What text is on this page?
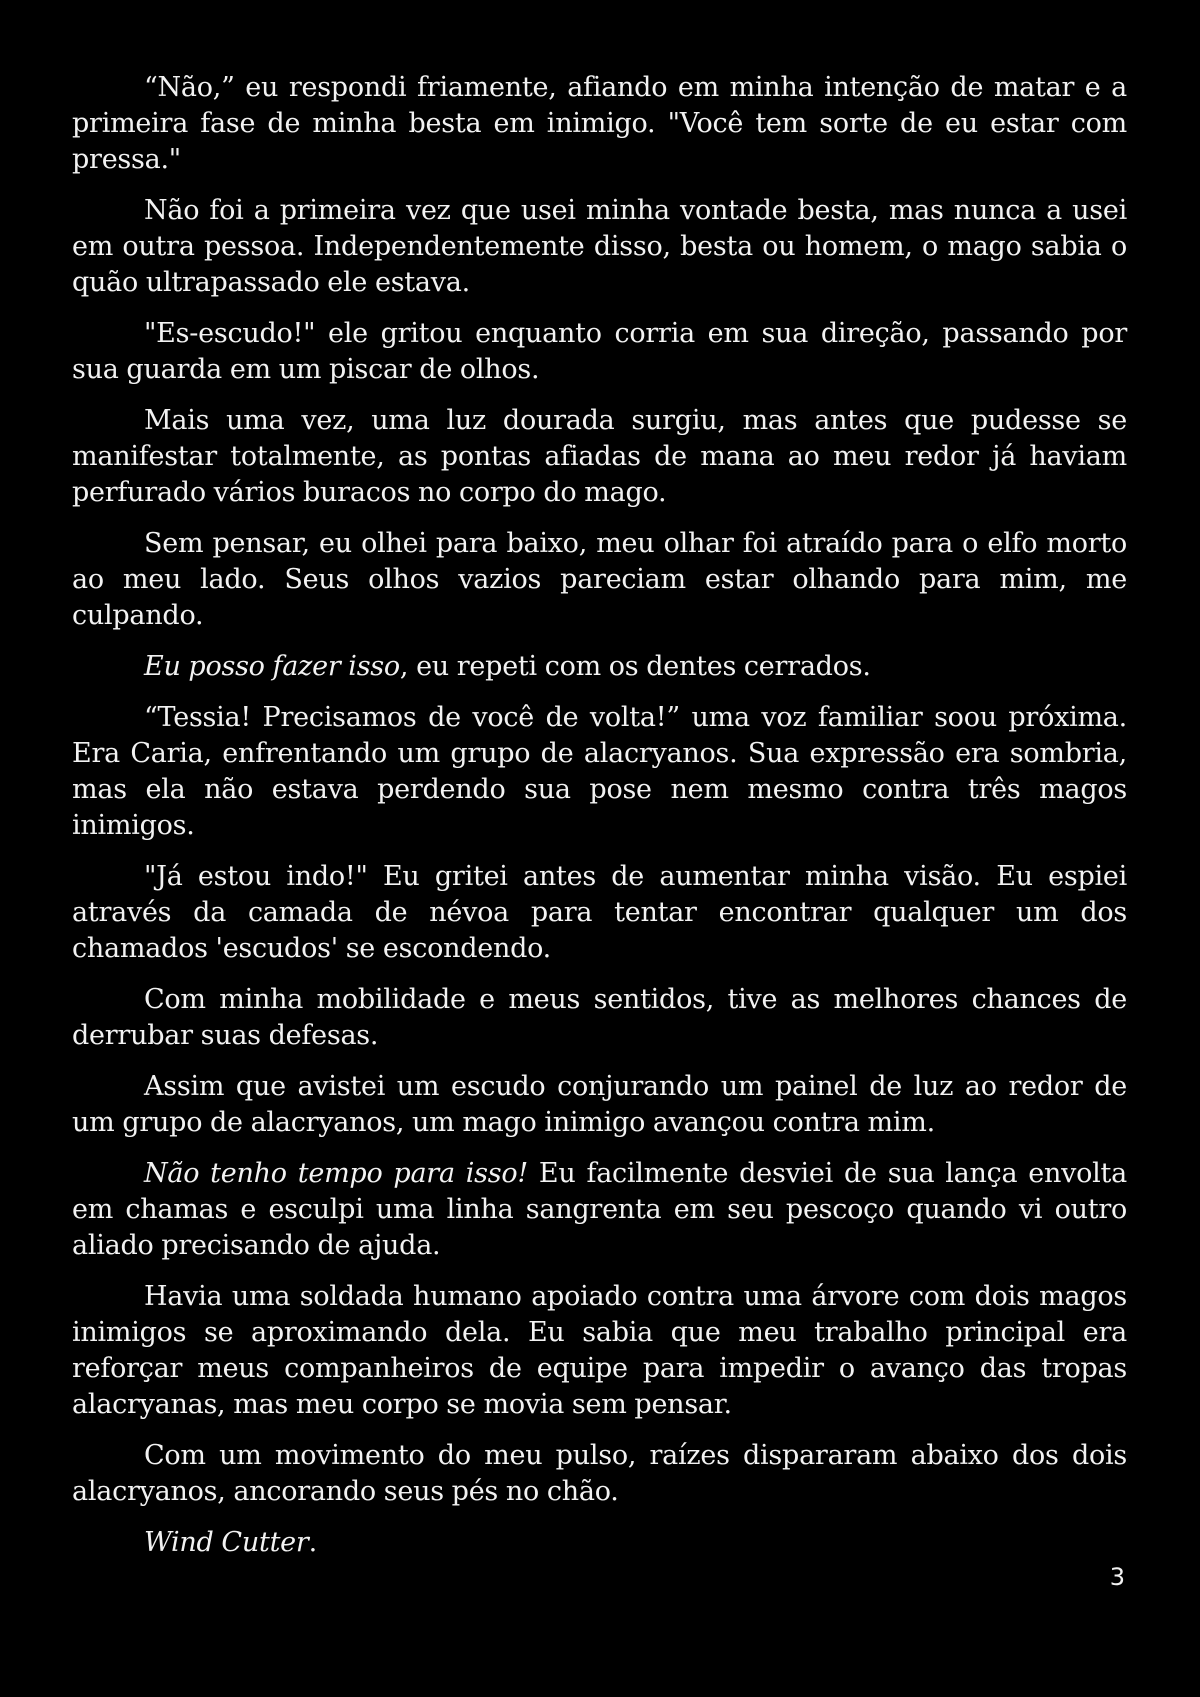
“Não,” eu respondi friamente, afiando em minha intenção de matar e a primeira fase de minha besta em inimigo. "Você tem sorte de eu estar com pressa."

Não foi a primeira vez que usei minha vontade besta, mas nunca a usei em outra pessoa. Independentemente disso, besta ou homem, o mago sabia o quão ultrapassado ele estava.

"Es-escudo!" ele gritou enquanto corria em sua direção, passando por sua guarda em um piscar de olhos.

Mais uma vez, uma luz dourada surgiu, mas antes que pudesse se manifestar totalmente, as pontas afiadas de mana ao meu redor já haviam perfurado vários buracos no corpo do mago.

Sem pensar, eu olhei para baixo, meu olhar foi atraído para o elfo morto ao meu lado. Seus olhos vazios pareciam estar olhando para mim, me culpando.

Eu posso fazer isso, eu repeti com os dentes cerrados.

“Tessia! Precisamos de você de volta!” uma voz familiar soou próxima. Era Caria, enfrentando um grupo de alacryanos. Sua expressão era sombria, mas ela não estava perdendo sua pose nem mesmo contra três magos inimigos.

"Já estou indo!" Eu gritei antes de aumentar minha visão. Eu espiei através da camada de névoa para tentar encontrar qualquer um dos chamados 'escudos' se escondendo.

Com minha mobilidade e meus sentidos, tive as melhores chances de derrubar suas defesas.

Assim que avistei um escudo conjurando um painel de luz ao redor de um grupo de alacryanos, um mago inimigo avançou contra mim.

Não tenho tempo para isso! Eu facilmente desviei de sua lança envolta em chamas e esculpi uma linha sangrenta em seu pescoço quando vi outro aliado precisando de ajuda.

Havia uma soldada humano apoiado contra uma árvore com dois magos inimigos se aproximando dela. Eu sabia que meu trabalho principal era reforçar meus companheiros de equipe para impedir o avanço das tropas alacryanas, mas meu corpo se movia sem pensar.

Com um movimento do meu pulso, raízes dispararam abaixo dos dois alacryanos, ancorando seus pés no chão.

Wind Cutter.

3
